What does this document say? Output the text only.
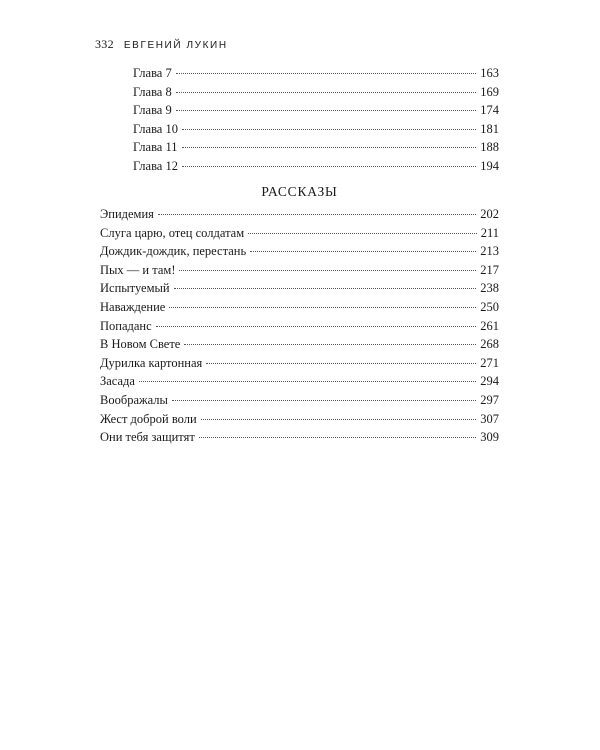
332 ЕВГЕНИЙ ЛУКИН
Глава 7	163
Глава 8	169
Глава 9	174
Глава 10	181
Глава 11	188
Глава 12	194
РАССКАЗЫ
Эпидемия	202
Слуга царю, отец солдатам	211
Дождик-дождик, перестань	213
Пых — и там!	217
Испытуемый	238
Наваждение	250
Попаданс	261
В Новом Свете	268
Дурилка картонная	271
Засада	294
Воображалы	297
Жест доброй воли	307
Они тебя защитят	309
